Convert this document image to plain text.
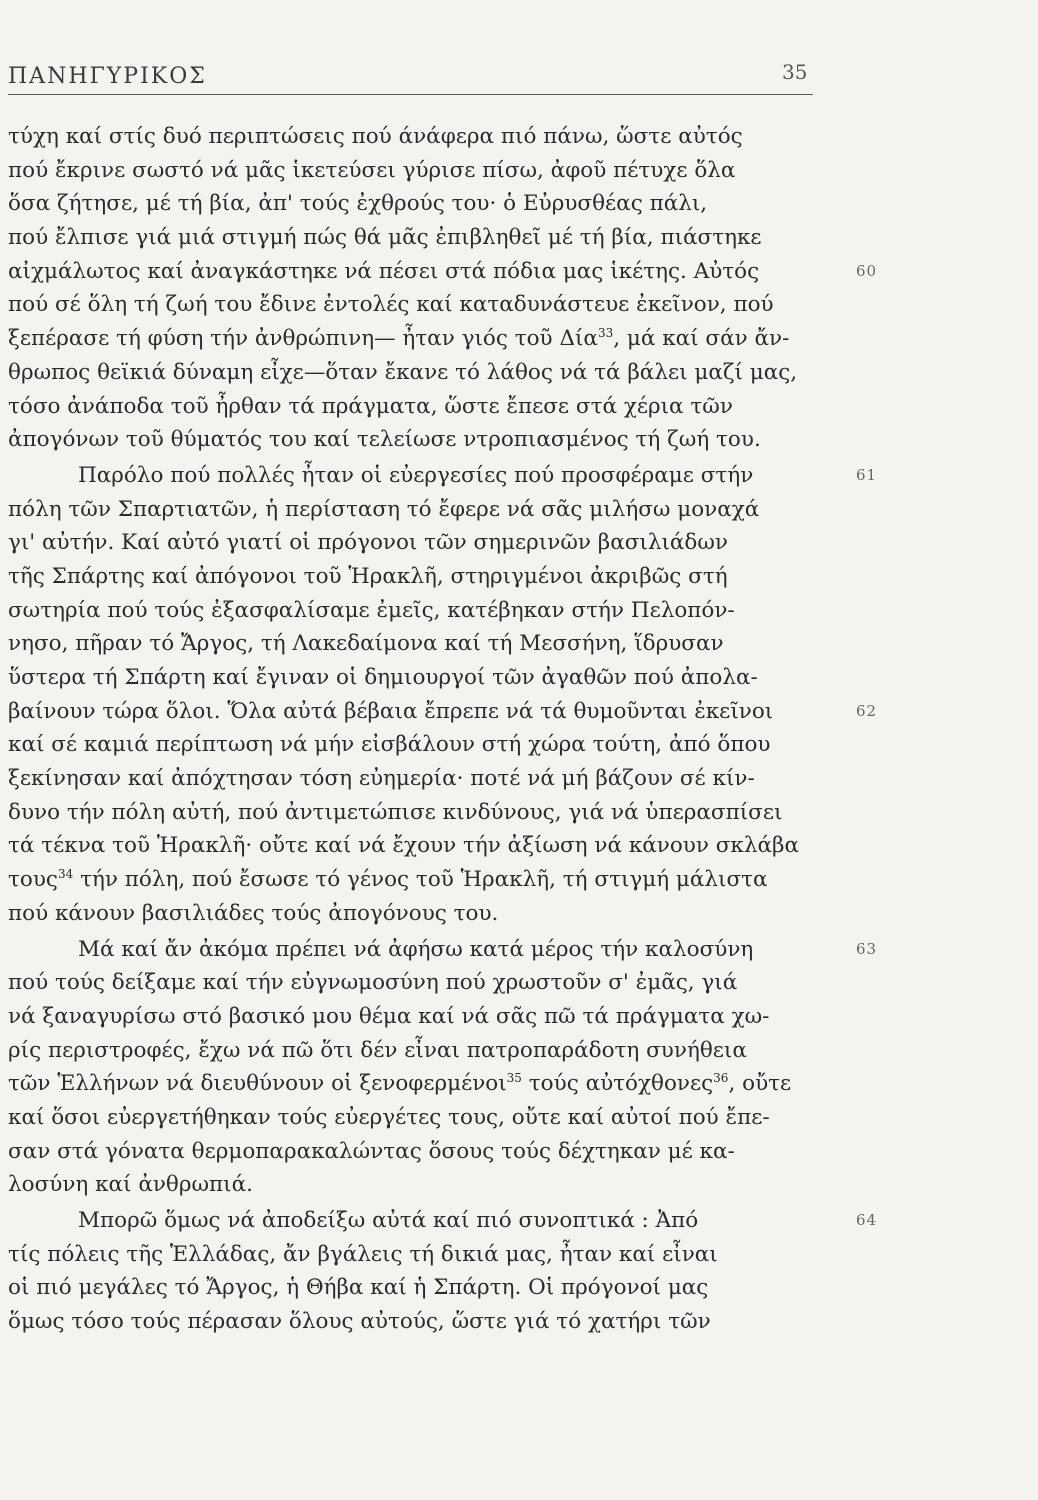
ΠΑΝΗΓΥΡΙΚΟΣ	35
τύχη καί στίς δυό περιπτώσεις πού άνάφερα πιό πάνω, ὥστε αὐτός
πού ἔκρινε σωστό νά μᾶς ἱκετεύσει γύρισε πίσω, ἀφοῦ πέτυχε ὅλα
ὅσα ζήτησε, μέ τή βία, ἀπ' τούς ἐχθρούς του· ὁ Εὐρυσθέας πάλι,
πού ἔλπισε γιά μιά στιγμή πώς θά μᾶς ἐπιβληθεῖ μέ τή βία, πιάστηκε
αἰχμάλωτος καί ἀναγκάστηκε νά πέσει στά πόδια μας ἱκέτης. Αὐτός	60
πού σέ ὅλη τή ζωή του ἔδινε ἐντολές καί καταδυνάστευε ἐκεῖνον, πού
ξεπέρασε τή φύση τήν ἀνθρώπινη— ἦταν γιός τοῦ Δία$^{33}$, μά καί σάν ἄν-
θρωπος θεϊκιά δύναμη εἶχε—ὅταν ἔκανε τό λάθος νά τά βάλει μαζί μας,
τόσο ἀνάποδα τοῦ ἦρθαν τά πράγματα, ὥστε ἔπεσε στά χέρια τῶν
ἀπογόνων τοῦ θύματός του καί τελείωσε ντροπιασμένος τή ζωή του.
Παρόλο πού πολλές ἦταν οἱ εὐεργεσίες πού προσφέραμε στήν	61
πόλη τῶν Σπαρτιατῶν, ἡ περίσταση τό ἔφερε νά σᾶς μιλήσω μοναχά
γι' αὐτήν. Καί αὐτό γιατί οἱ πρόγονοι τῶν σημερινῶν βασιλιάδων
τῆς Σπάρτης καί ἀπόγονοι τοῦ Ἡρακλῆ, στηριγμένοι ἀκριβῶς στή
σωτηρία πού τούς ἐξασφαλίσαμε ἐμεῖς, κατέβηκαν στήν Πελοπόν-
νησο, πῆραν τό Ἄργος, τή Λακεδαίμονα καί τή Μεσσήνη, ἵδρυσαν
ὕστερα τή Σπάρτη καί ἔγιναν οἱ δημιουργοί τῶν ἀγαθῶν πού ἀπολα-
βαίνουν τώρα ὅλοι. Ὅλα αὐτά βέβαια ἔπρεπε νά τά θυμοῦνται ἐκεῖνοι	62
καί σέ καμιά περίπτωση νά μήν εἰσβάλουν στή χώρα τούτη, ἀπό ὅπου
ξεκίνησαν καί ἀπόχτησαν τόση εὐημερία· ποτέ νά μή βάζουν σέ κίν-
δυνο τήν πόλη αὐτή, πού ἀντιμετώπισε κινδύνους, γιά νά ὑπερασπίσει
τά τέκνα τοῦ Ἡρακλῆ· οὔτε καί νά ἔχουν τήν ἀξίωση νά κάνουν σκλάβα
τους$^{34}$ τήν πόλη, πού ἔσωσε τό γένος τοῦ Ἡρακλῆ, τή στιγμή μάλιστα
πού κάνουν βασιλιάδες τούς ἀπογόνους του.
Μά καί ἄν ἀκόμα πρέπει νά ἀφήσω κατά μέρος τήν καλοσύνη	63
πού τούς δείξαμε καί τήν εὐγνωμοσύνη πού χρωστοῦν σ' ἐμᾶς, γιά
νά ξαναγυρίσω στό βασικό μου θέμα καί νά σᾶς πῶ τά πράγματα χω-
ρίς περιστροφές, ἔχω νά πῶ ὅτι δέν εἶναι πατροπαράδοτη συνήθεια
τῶν Ἑλλήνων νά διευθύνουν οἱ ξενοφερμένοι$^{35}$ τούς αὐτόχθονες$^{36}$, οὔτε
καί ὅσοι εὐεργετήθηκαν τούς εὐεργέτες τους, οὔτε καί αὐτοί πού ἔπε-
σαν στά γόνατα θερμοπαρακαλώντας ὅσους τούς δέχτηκαν μέ κα-
λοσύνη καί ἀνθρωπιά.
Μπορῶ ὅμως νά ἀποδείξω αὐτά καί πιό συνοπτικά : Ἀπό	64
τίς πόλεις τῆς Ἑλλάδας, ἄν βγάλεις τή δικιά μας, ἦταν καί εἶναι
οἱ πιό μεγάλες τό Ἄργος, ἡ Θήβα καί ἡ Σπάρτη. Οἱ πρόγονοί μας
ὅμως τόσο τούς πέρασαν ὅλους αὐτούς, ὥστε γιά τό χατήρι τῶν
